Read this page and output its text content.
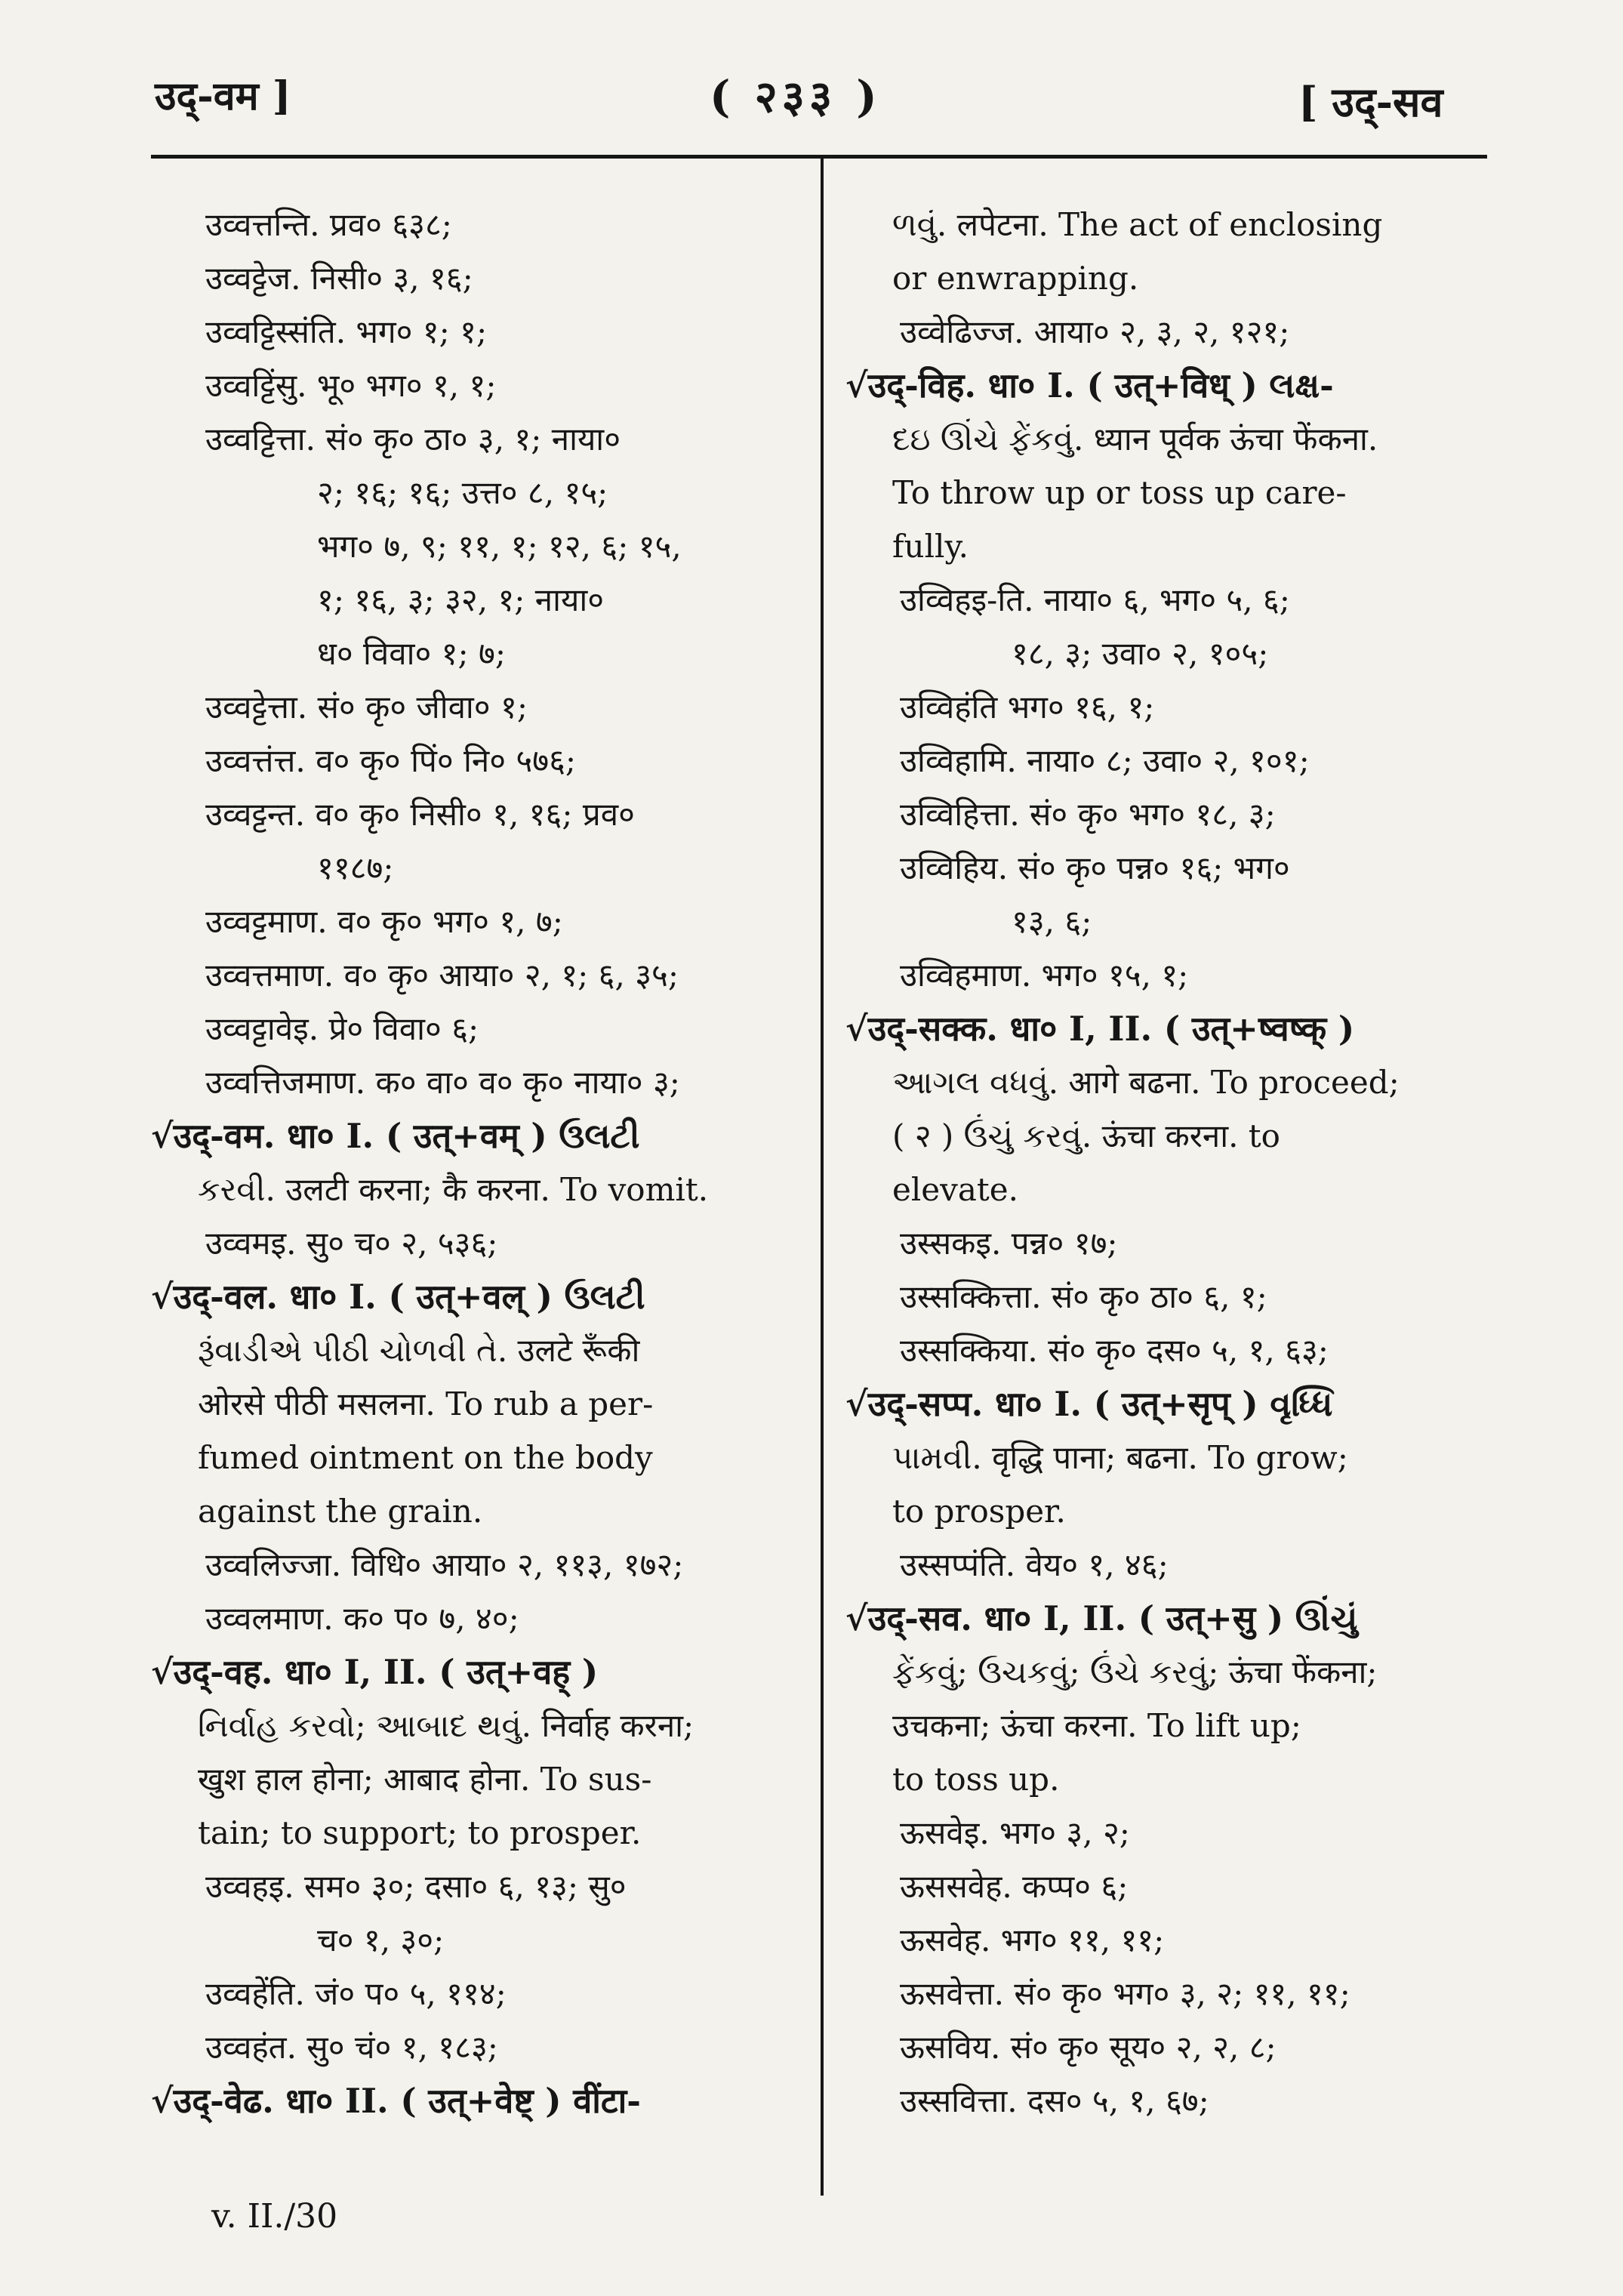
उद्-वम ]	( २३३ )	[ उद्-सव
उव्वत्तन्ति. प्रव० ६३८;
उव्वट्टेज. निसी० ३, १६;
उव्वट्टिस्संति. भग० १; १;
उव्वट्टिंसु. भू० भग० १, १;
उव्वट्टित्ता. सं० कृ० ठा० ३, १; नाया०
२; १६; १६; उत्त० ८, १५;
भग० ७, ९; ११, १; १२, ६; १५,
१; १६, ३; ३२, १; नाया०
ध० विवा० १; ७;
उव्वट्टेत्ता. सं० कृ० जीवा० १;
उव्वत्तंत्त. व० कृ० पिं० नि० ५७६;
उव्वट्टन्त. व० कृ० निसी० १, १६; प्रव०
११८७;
उव्वट्टमाण. व० कृ० भग० १, ७;
उव्वत्तमाण. व० कृ० आया० २, १; ६, ३५;
उव्वट्टावेइ. प्रे० विवा० ६;
उव्वत्तिजमाण. क० वा० व० कृ० नाया० ३;
√उद्-वम. धा० I. ( उत्+वम् ) ઉલટી
કરવી. उलटी करना; कै करना. To vomit.
उव्वमइ. सु० च० २, ५३६;
√उद्-वल. धा० I. ( उत्+वल् ) ઉલટી
રૂંવાડીએ પીઠી ચોળવી તે. उलटे रूँकी
ओरसे पीठी मसलना. To rub a per-
fumed ointment on the body
against the grain.
उव्वलिज्जा. विधि० आया० २, ११३, १७२;
उव्वलमाण. क० प० ७, ४०;
√उद्-वह. धा० I, II. ( उत्+वह् )
નિર્વાહ કરવો; આબાદ થવું. निर्वाह करना;
खुश हाल होना; आबाद होना. To sus-
tain; to support; to prosper.
उव्वहइ. सम० ३०; दसा० ६, १३; सु०
च० १, ३०;
उव्वहेंति. जं० प० ५, ११४;
उव्वहंत. सु० चं० १, १८३;
√उद्-वेढ. धा० II. ( उत्+वेष्ट् ) वींटा-
ળવું. लपेटना. The act of enclosing
or enwrapping.
उव्वेढिज्ज. आया० २, ३, २, १२१;
√उद्-विह. धा० I. ( उत्+विध् ) લક્ષ-
દઇ ઊંચે ફેંકવું. ध्यान पूर्वक ऊंचा फेंकना.
To throw up or toss up care-
fully.
उव्विहइ-ति. नाया० ६, भग० ५, ६;
१८, ३; उवा० २, १०५;
उव्विहंति भग० १६, १;
उव्विहामि. नाया० ८; उवा० २, १०१;
उव्विहित्ता. सं० कृ० भग० १८, ३;
उव्विहिय. सं० कृ० पन्न० १६; भग०
१३, ६;
उव्विहमाण. भग० १५, १;
√उद्-सक्क. धा० I, II. ( उत्+ष्वष्क् )
આગલ વધવું. आगे बढना. To proceed;
( २ ) ઉંચું કરવું. ऊंचा करना. to
elevate.
उस्सकइ. पन्न० १७;
उस्सक्कित्ता. सं० कृ० ठा० ६, १;
उस्सक्किया. सं० कृ० दस० ५, १, ६३;
√उद्-सप्प. धा० I. ( उत्+सृप् ) વૃધ્ધિ
પામવી. वृद्धि पाना; बढना. To grow;
to prosper.
उस्सप्पंति. वेय० १, ४६;
√उद्-सव. धा० I, II. ( उत्+सु ) ઊંચું
ફેંકવું; ઉચકવું; ઉંચે કરવું; ऊंचा फेंकना;
उचकना; ऊंचा करना. To lift up;
to toss up.
ऊसवेइ. भग० ३, २;
ऊससवेह. कप्प० ६;
ऊसवेह. भग० ११, ११;
ऊसवेत्ता. सं० कृ० भग० ३, २; ११, ११;
ऊसविय. सं० कृ० सूय० २, २, ८;
उस्सवित्ता. दस० ५, १, ६७;
v. II./30
